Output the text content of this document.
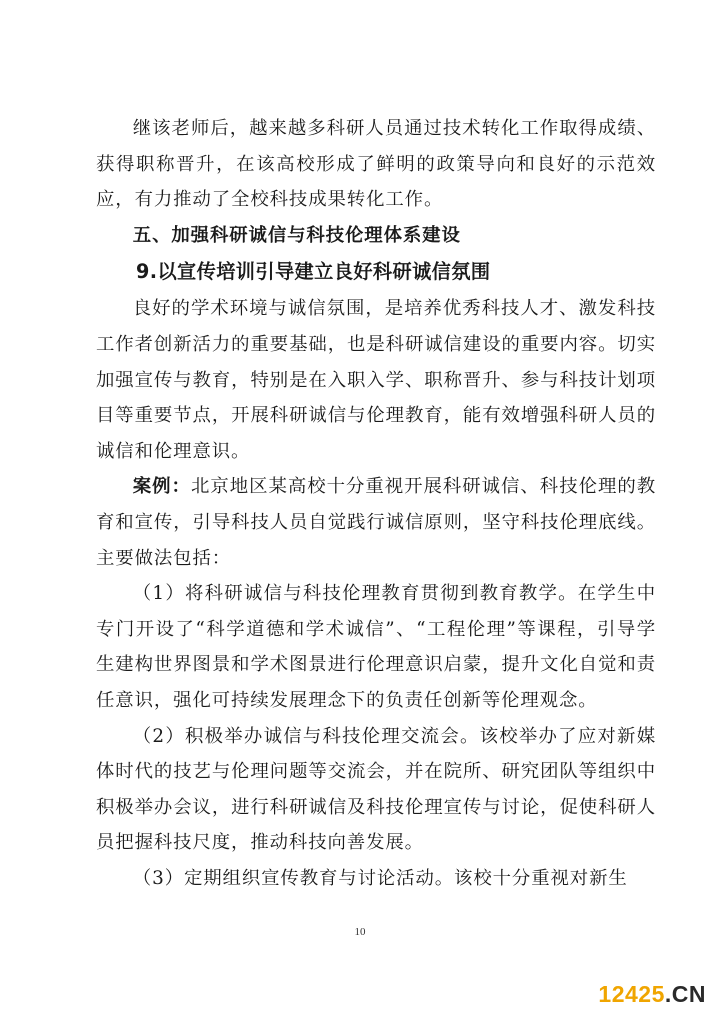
继该老师后，越来越多科研人员通过技术转化工作取得成绩、获得职称晋升，在该高校形成了鲜明的政策导向和良好的示范效应，有力推动了全校科技成果转化工作。

五、加强科研诚信与科技伦理体系建设

9.以宣传培训引导建立良好科研诚信氛围

良好的学术环境与诚信氛围，是培养优秀科技人才、激发科技工作者创新活力的重要基础，也是科研诚信建设的重要内容。切实加强宣传与教育，特别是在入职入学、职称晋升、参与科技计划项目等重要节点，开展科研诚信与伦理教育，能有效增强科研人员的诚信和伦理意识。

案例：北京地区某高校十分重视开展科研诚信、科技伦理的教育和宣传，引导科技人员自觉践行诚信原则，坚守科技伦理底线。主要做法包括：

（1）将科研诚信与科技伦理教育贯彻到教育教学。在学生中专门开设了“科学道德和学术诚信”、“工程伦理”等课程，引导学生建构世界图景和学术图景进行伦理意识启蒙，提升文化自觉和责任意识，强化可持续发展理念下的负责任创新等伦理观念。

（2）积极举办诚信与科技伦理交流会。该校举办了应对新媒体时代的技艺与伦理问题等交流会，并在院所、研究团队等组织中积极举办会议，进行科研诚信及科技伦理宣传与讨论，促使科研人员把握科技尺度，推动科技向善发展。

（3）定期组织宣传教育与讨论活动。该校十分重视对新生

10
12425.CN
